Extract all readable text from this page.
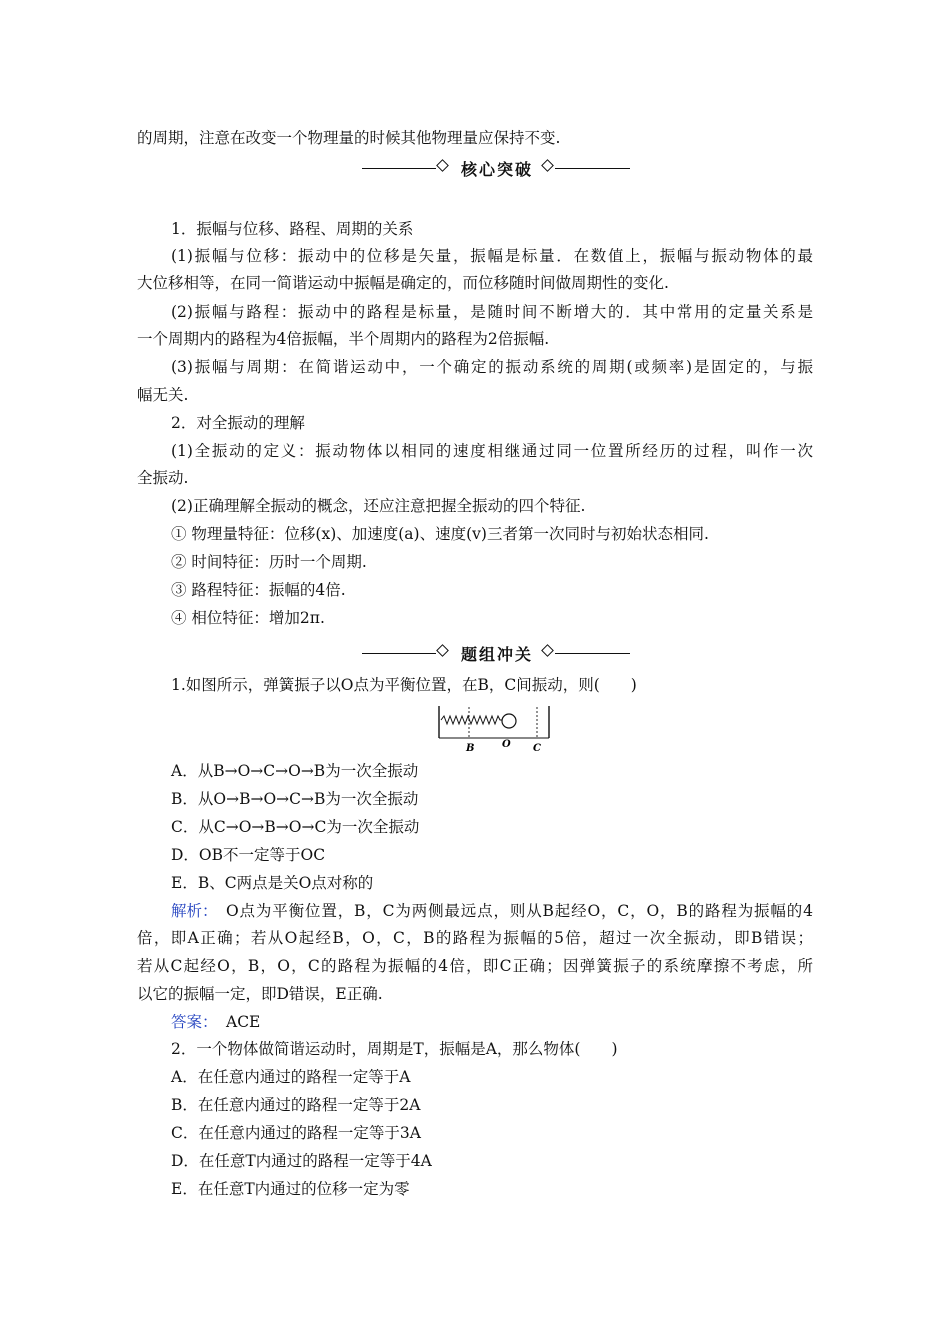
的周期，注意在改变一个物理量的时候其他物理量应保持不变.
核心突破
1．振幅与位移、路程、周期的关系
(1)振幅与位移：振动中的位移是矢量，振幅是标量．在数值上，振幅与振动物体的最
大位移相等，在同一简谐运动中振幅是确定的，而位移随时间做周期性的变化.
(2)振幅与路程：振动中的路程是标量，是随时间不断增大的．其中常用的定量关系是
一个周期内的路程为4倍振幅，半个周期内的路程为2倍振幅.
(3)振幅与周期：在简谐运动中，一个确定的振动系统的周期(或频率)是固定的，与振
幅无关.
2．对全振动的理解
(1)全振动的定义：振动物体以相同的速度相继通过同一位置所经历的过程，叫作一次
全振动.
(2)正确理解全振动的概念，还应注意把握全振动的四个特征.
① 物理量特征：位移(x)、加速度(a)、速度(v)三者第一次同时与初始状态相同.
② 时间特征：历时一个周期.
③ 路程特征：振幅的4倍.
④ 相位特征：增加2π.
题组冲关
1.如图所示，弹簧振子以O点为平衡位置，在B，C间振动，则(　　)
B	O C
A．从B→O→C→O→B为一次全振动
B．从O→B→O→C→B为一次全振动
C．从C→O→B→O→C为一次全振动
D．OB不一定等于OC
E．B、C两点是关O点对称的
解析： O点为平衡位置，B，C为两侧最远点，则从B起经O，C，O，B的路程为振幅的4
倍，即A正确；若从O起经B，O，C，B的路程为振幅的5倍，超过一次全振动，即B错误；
若从C起经O，B，O，C的路程为振幅的4倍，即C正确；因弹簧振子的系统摩擦不考虑，所
以它的振幅一定，即D错误，E正确.
答案： ACE
2．一个物体做简谐运动时，周期是T，振幅是A，那么物体(　　)
A．在任意内通过的路程一定等于A
B．在任意内通过的路程一定等于2A
C．在任意内通过的路程一定等于3A
D．在任意T内通过的路程一定等于4A
E．在任意T内通过的位移一定为零
